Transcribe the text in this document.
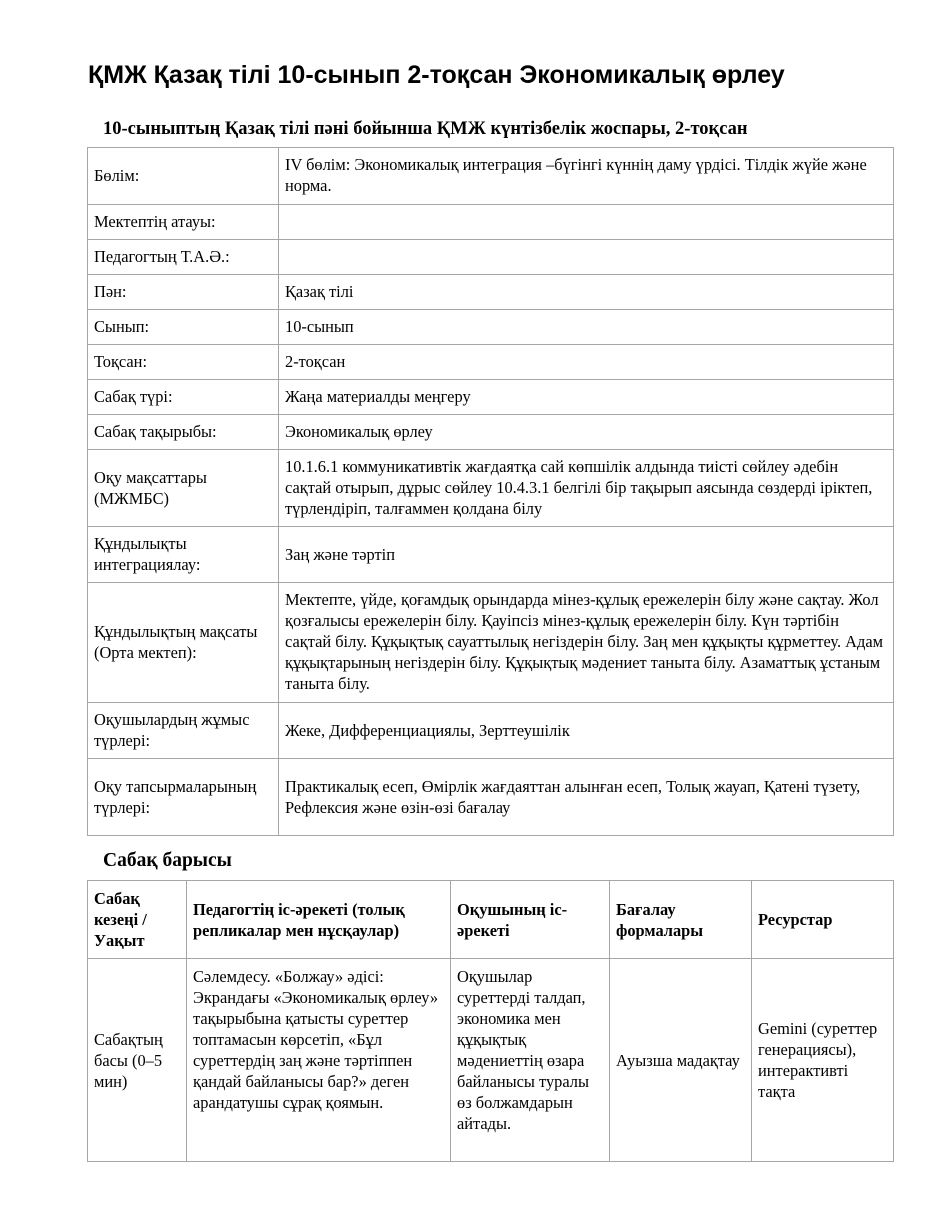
ҚМЖ Қазақ тілі 10-сынып 2-тоқсан Экономикалық өрлеу
10-сыныптың Қазақ тілі пәні бойынша ҚМЖ күнтізбелік жоспары, 2-тоқсан
Бөлім:	IV бөлім: Экономикалық интеграция –бүгінгі күннің даму үрдісі. Тілдік жүйе және норма.
Мектептің атауы:	
Педагогтың Т.А.Ә.:	
Пән:	Қазақ тілі
Сынып:	10-сынып
Тоқсан:	2-тоқсан
Сабақ түрі:	Жаңа материалды меңгеру
Сабақ тақырыбы:	Экономикалық өрлеу
Оқу мақсаттары (МЖМБС)	10.1.6.1 коммуникативтік жағдаятқа сай көпшілік алдында тиісті сөйлеу әдебін сақтай отырып, дұрыс сөйлеу 10.4.3.1 белгілі бір тақырып аясында сөздерді іріктеп, түрлендіріп, талғаммен қолдана білу
Құндылықты интеграциялау:	Заң және тәртіп
Құндылықтың мақсаты (Орта мектеп):	Мектепте, үйде, қоғамдық орындарда мінез-құлық ережелерін білу және сақтау. Жол қозғалысы ережелерін білу. Қауіпсіз мінез-құлық ережелерін білу. Күн тәртібін сақтай білу. Құқықтық сауаттылық негіздерін білу. Заң мен құқықты құрметтеу. Адам құқықтарының негіздерін білу. Құқықтық мәдениет таныта білу. Азаматтық ұстаным таныта білу.
Оқушылардың жұмыс түрлері:	Жеке, Дифференциациялы, Зерттеушілік
Оқу тапсырмаларының түрлері:	Практикалық есеп, Өмірлік жағдаяттан алынған есеп, Толық жауап, Қатені түзету, Рефлексия және өзін-өзі бағалау
Сабақ барысы
Сабақ кезеңі / Уақыт	Педагогтің іс-әрекеті (толық репликалар мен нұсқаулар)	Оқушының іс-әрекеті	Бағалау формалары	Ресурстар
Сабақтың басы (0–5 мин)	Сәлемдесу. «Болжау» әдісі: Экрандағы «Экономикалық өрлеу» тақырыбына қатысты суреттер топтамасын көрсетіп, «Бұл суреттердің заң және тәртіппен қандай байланысы бар?» деген арандатушы сұрақ қоямын.	Оқушылар суреттерді талдап, экономика мен құқықтық мәдениеттің өзара байланысы туралы өз болжамдарын айтады.	Ауызша мадақтау	Gemini (суреттер генерациясы), интерактивті тақта
